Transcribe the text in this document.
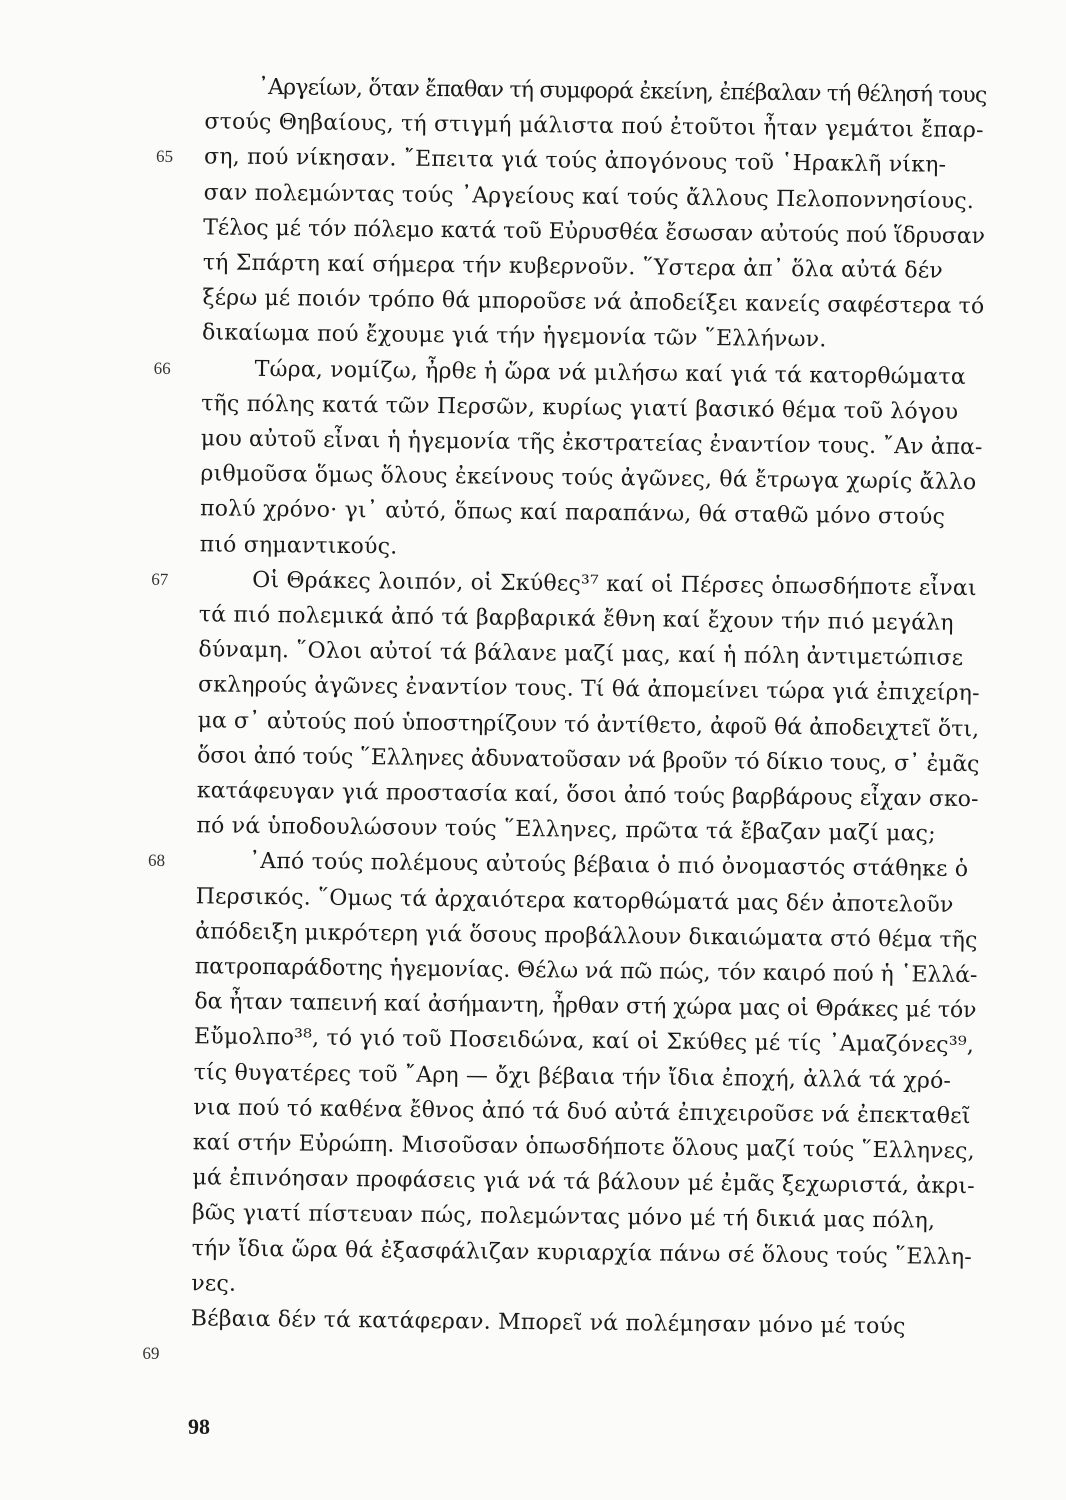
᾿Αργείων, ὅταν ἔπαθαν τή συμφορά ἐκείνη, ἐπέβαλαν τή θέλησή τους
στούς Θηβαίους, τή στιγμή μάλιστα πού ἐτοῦτοι ἦταν γεμάτοι ἔπαρ-
ση, πού νίκησαν. ῎Επειτα γιά τούς ἀπογόνους τοῦ ῾Ηρακλῆ νίκη-
σαν πολεμώντας τούς ᾿Αργείους καί τούς ἄλλους Πελοποννησίους.
Τέλος μέ τόν πόλεμο κατά τοῦ Εὐρυσθέα ἔσωσαν αὐτούς πού ἵδρυσαν
τή Σπάρτη καί σήμερα τήν κυβερνοῦν. ῞Υστερα ἀπ᾿ ὅλα αὐτά δέν
ξέρω μέ ποιόν τρόπο θά μποροῦσε νά ἀποδείξει κανείς σαφέστερα τό
δικαίωμα πού ἔχουμε γιά τήν ἡγεμονία τῶν ῞Ελλήνων.
Τώρα, νομίζω, ἦρθε ἡ ὥρα νά μιλήσω καί γιά τά κατορθώματα
τῆς πόλης κατά τῶν Περσῶν, κυρίως γιατί βασικό θέμα τοῦ λόγου
μου αὐτοῦ εἶναι ἡ ἡγεμονία τῆς ἐκστρατείας ἐναντίον τους. ῎Αν ἀπα-
ριθμοῦσα ὅμως ὅλους ἐκείνους τούς ἀγῶνες, θά ἔτρωγα χωρίς ἄλλο
πολύ χρόνο· γι᾿ αὐτό, ὅπως καί παραπάνω, θά σταθῶ μόνο στούς
πιό σημαντικούς.
Οἱ Θράκες λοιπόν, οἱ Σκύθες³⁷ καί οἱ Πέρσες ὁπωσδήποτε εἶναι
τά πιό πολεμικά ἀπό τά βαρβαρικά ἔθνη καί ἔχουν τήν πιό μεγάλη
δύναμη. ῞Ολοι αὐτοί τά βάλανε μαζί μας, καί ἡ πόλη ἀντιμετώπισε
σκληρούς ἀγῶνες ἐναντίον τους. Τί θά ἀπομείνει τώρα γιά ἐπιχείρη-
μα σ᾿ αὐτούς πού ὑποστηρίζουν τό ἀντίθετο, ἀφοῦ θά ἀποδειχτεῖ ὅτι,
ὅσοι ἀπό τούς ῞Ελληνες ἀδυνατοῦσαν νά βροῦν τό δίκιο τους, σ᾿ ἐμᾶς
κατάφευγαν γιά προστασία καί, ὅσοι ἀπό τούς βαρβάρους εἶχαν σκο-
πό νά ὑποδουλώσουν τούς ῞Ελληνες, πρῶτα τά ἔβαζαν μαζί μας;
᾿Από τούς πολέμους αὐτούς βέβαια ὁ πιό ὀνομαστός στάθηκε ὁ
Περσικός. ῞Ομως τά ἀρχαιότερα κατορθώματά μας δέν ἀποτελοῦν
ἀπόδειξη μικρότερη γιά ὅσους προβάλλουν δικαιώματα στό θέμα τῆς
πατροπαράδοτης ἡγεμονίας. Θέλω νά πῶ πώς, τόν καιρό πού ἡ ῾Ελλά-
δα ἦταν ταπεινή καί ἀσήμαντη, ἦρθαν στή χώρα μας οἱ Θράκες μέ τόν
Εὔμολπο³⁸, τό γιό τοῦ Ποσειδώνα, καί οἱ Σκύθες μέ τίς ᾿Αμαζόνες³⁹,
τίς θυγατέρες τοῦ ῎Αρη — ὄχι βέβαια τήν ἴδια ἐποχή, ἀλλά τά χρό-
νια πού τό καθένα ἔθνος ἀπό τά δυό αὐτά ἐπιχειροῦσε νά ἐπεκταθεῖ
καί στήν Εὐρώπη. Μισοῦσαν ὁπωσδήποτε ὅλους μαζί τούς ῞Ελληνες,
μά ἐπινόησαν προφάσεις γιά νά τά βάλουν μέ ἐμᾶς ξεχωριστά, ἀκρι-
βῶς γιατί πίστευαν πώς, πολεμώντας μόνο μέ τή δικιά μας πόλη,
τήν ἴδια ὥρα θά ἐξασφάλιζαν κυριαρχία πάνω σέ ὅλους τούς ῞Ελλη-
νες.
Βέβαια δέν τά κατάφεραν. Μπορεῖ νά πολέμησαν μόνο μέ τούς
65
66
67
68
69
98
